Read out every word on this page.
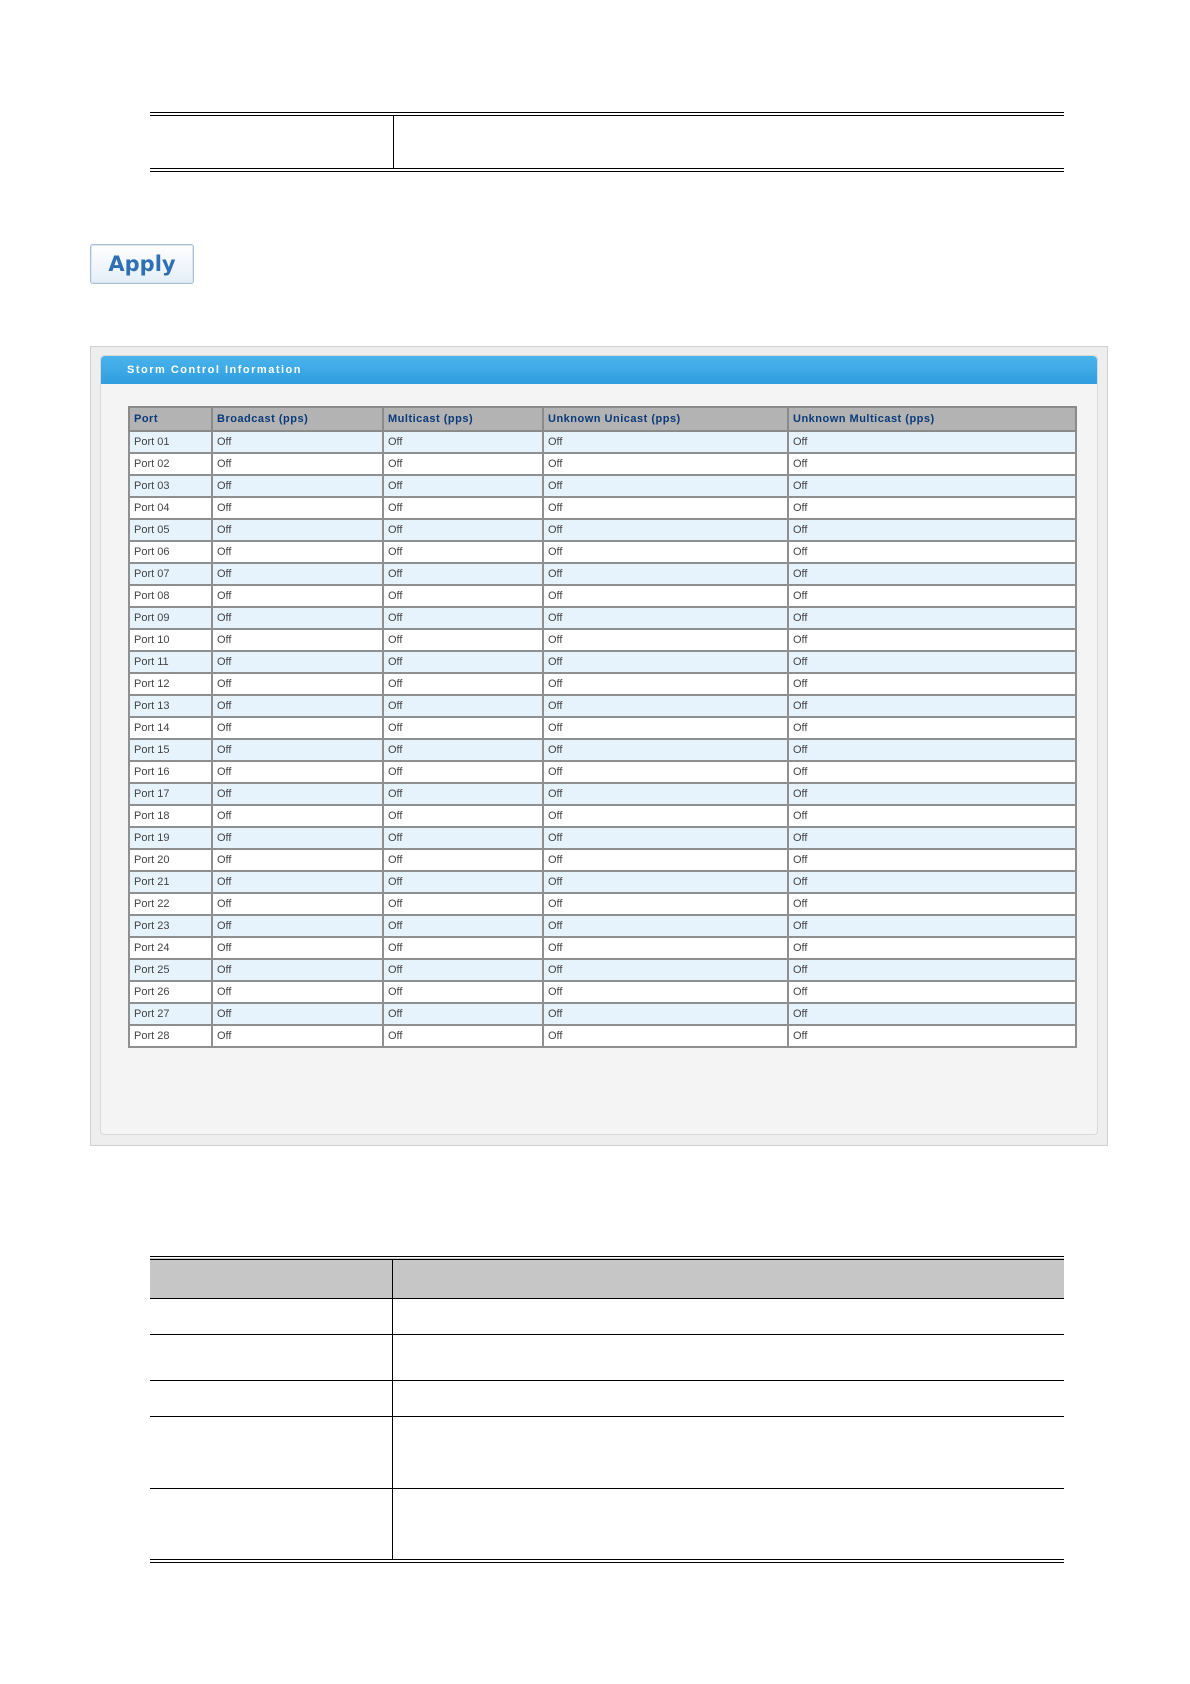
Apply
Storm Control Information
Port	Broadcast (pps)	Multicast (pps)	Unknown Unicast (pps)	Unknown Multicast (pps)
Port 01	Off	Off	Off	Off
Port 02	Off	Off	Off	Off
Port 03	Off	Off	Off	Off
Port 04	Off	Off	Off	Off
Port 05	Off	Off	Off	Off
Port 06	Off	Off	Off	Off
Port 07	Off	Off	Off	Off
Port 08	Off	Off	Off	Off
Port 09	Off	Off	Off	Off
Port 10	Off	Off	Off	Off
Port 11	Off	Off	Off	Off
Port 12	Off	Off	Off	Off
Port 13	Off	Off	Off	Off
Port 14	Off	Off	Off	Off
Port 15	Off	Off	Off	Off
Port 16	Off	Off	Off	Off
Port 17	Off	Off	Off	Off
Port 18	Off	Off	Off	Off
Port 19	Off	Off	Off	Off
Port 20	Off	Off	Off	Off
Port 21	Off	Off	Off	Off
Port 22	Off	Off	Off	Off
Port 23	Off	Off	Off	Off
Port 24	Off	Off	Off	Off
Port 25	Off	Off	Off	Off
Port 26	Off	Off	Off	Off
Port 27	Off	Off	Off	Off
Port 28	Off	Off	Off	Off
